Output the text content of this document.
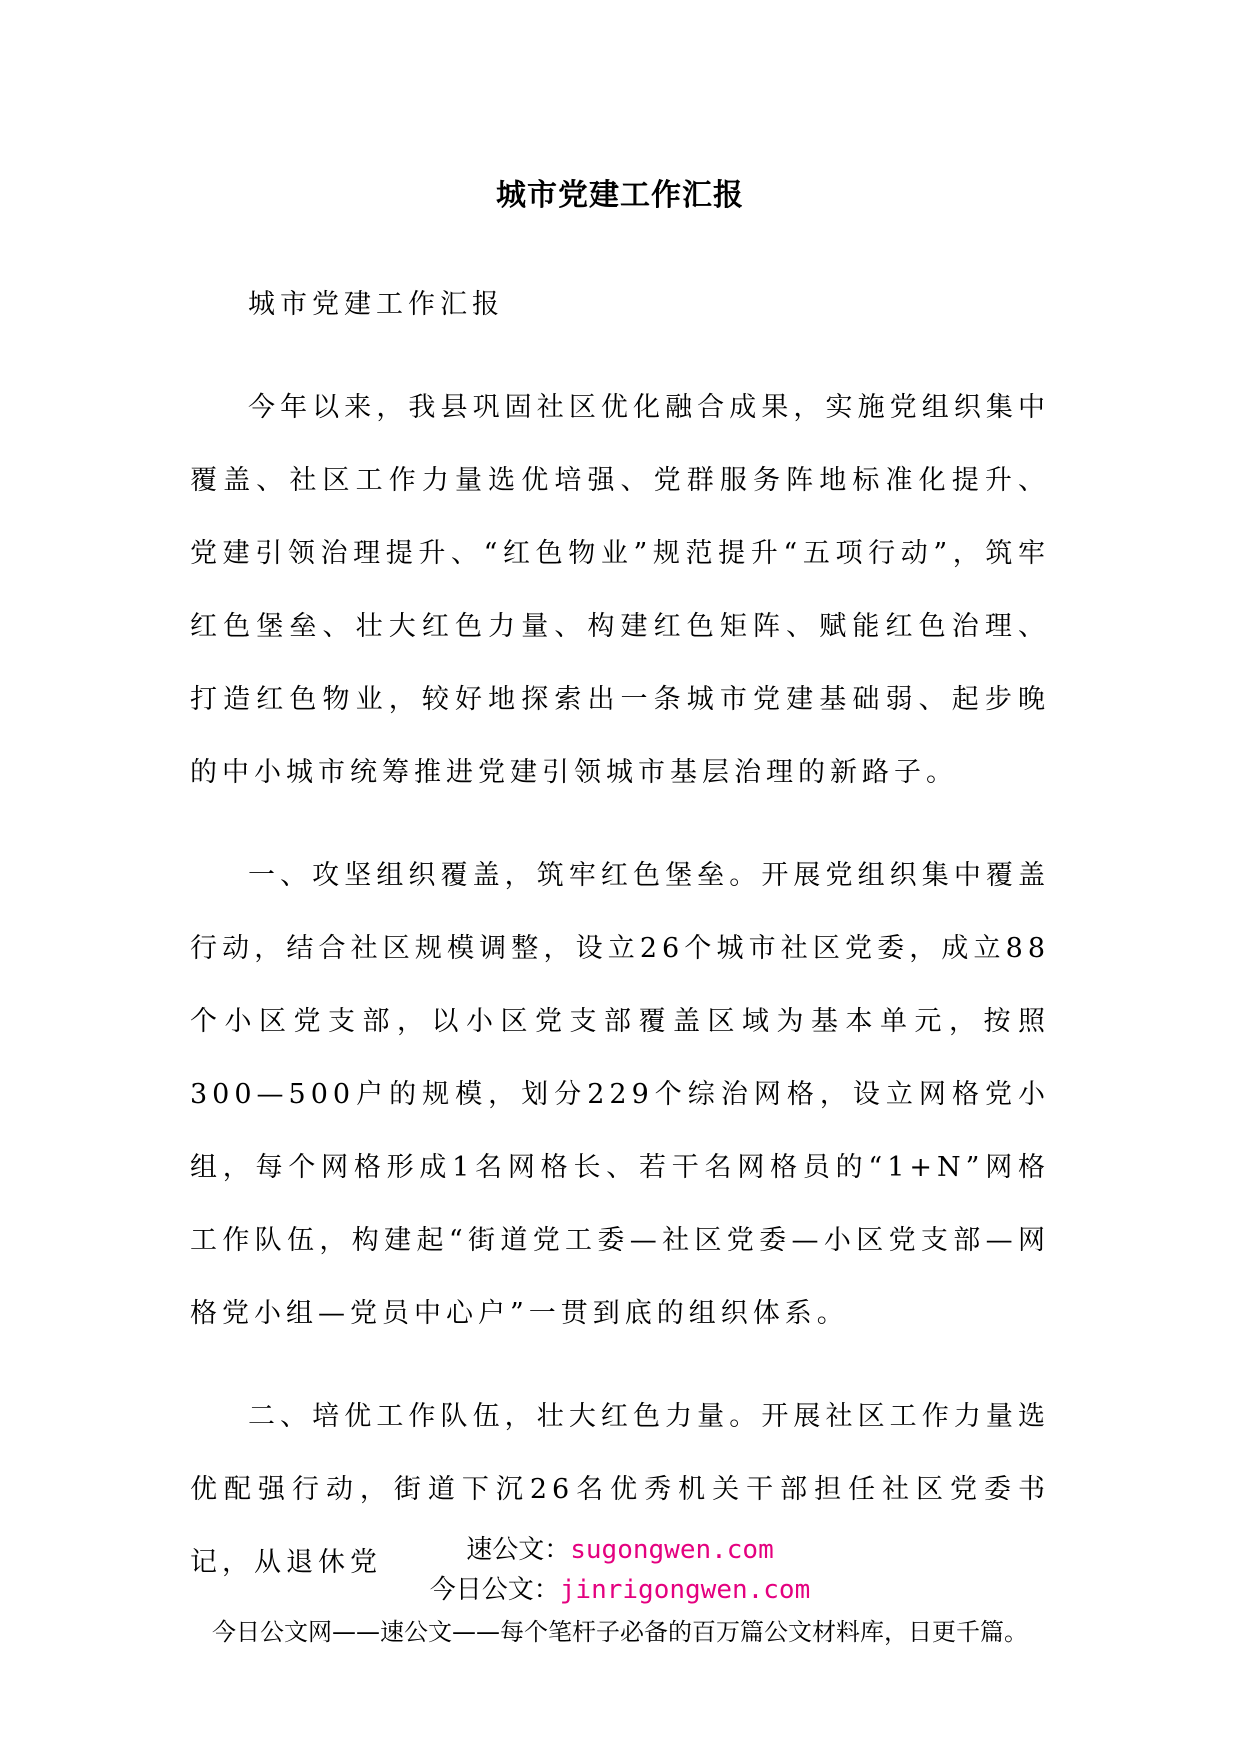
城市党建工作汇报

城市党建工作汇报

今年以来，我县巩固社区优化融合成果，实施党组织集中覆盖、社区工作力量选优培强、党群服务阵地标准化提升、党建引领治理提升、“红色物业”规范提升“五项行动”，筑牢红色堡垒、壮大红色力量、构建红色矩阵、赋能红色治理、打造红色物业，较好地探索出一条城市党建基础弱、起步晚的中小城市统筹推进党建引领城市基层治理的新路子。

一、攻坚组织覆盖，筑牢红色堡垒。开展党组织集中覆盖行动，结合社区规模调整，设立26个城市社区党委，成立88个小区党支部，以小区党支部覆盖区域为基本单元，按照300—500户的规模，划分229个综治网格，设立网格党小组，每个网格形成1名网格长、若干名网格员的“1+N”网格工作队伍，构建起“街道党工委—社区党委—小区党支部—网格党小组—党员中心户”一贯到底的组织体系。

二、培优工作队伍，壮大红色力量。开展社区工作力量选优配强行动，街道下沉26名优秀机关干部担任社区党委书记，从退休党	速公文：sugongwen.com
今日公文：jinrigongwen.com
今日公文网——速公文——每个笔杆子必备的百万篇公文材料库，日更千篇。
